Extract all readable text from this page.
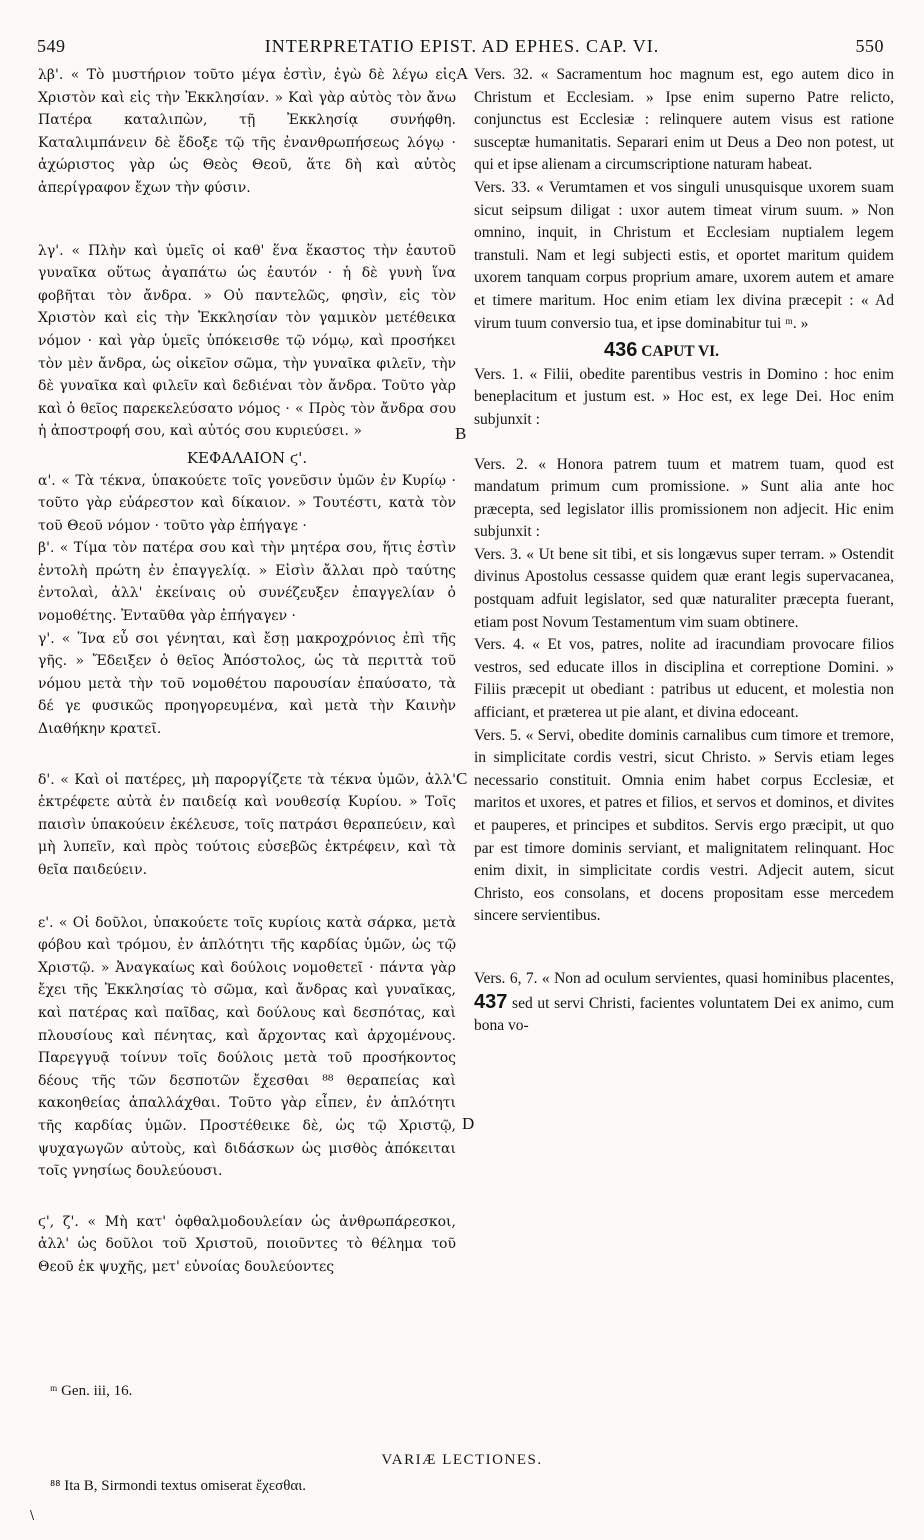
549	INTERPRETATIO EPIST. AD EPHES. CAP. VI.	550
A
B
C
D

λβ'. « Τὸ μυστήριον τοῦτο μέγα ἐστὶν, ἐγὼ δὲ λέγω εἰς Χριστὸν καὶ εἰς τὴν Ἐκκλησίαν. » Καὶ γὰρ αὐτὸς τὸν ἄνω Πατέρα καταλιπὼν, τῇ Ἐκκλησίᾳ συνήφθη. Καταλιμπάνειν δὲ ἔδοξε τῷ τῆς ἐνανθρωπήσεως λόγῳ · ἀχώριστος γὰρ ὡς Θεὸς Θεοῦ, ἅτε δὴ καὶ αὐτὸς ἀπερίγραφον ἔχων τὴν φύσιν.

λγ'. « Πλὴν καὶ ὑμεῖς οἱ καθ' ἕνα ἕκαστος τὴν ἑαυτοῦ γυναῖκα οὕτως ἀγαπάτω ὡς ἑαυτόν · ἡ δὲ γυνὴ ἵνα φοβῆται τὸν ἄνδρα. » Οὐ παντελῶς, φησὶν, εἰς τὸν Χριστὸν καὶ εἰς τὴν Ἐκκλησίαν τὸν γαμικὸν μετέθεικα νόμον · καὶ γὰρ ὑμεῖς ὑπόκεισθε τῷ νόμῳ, καὶ προσήκει τὸν μὲν ἄνδρα, ὡς οἰκεῖον σῶμα, τὴν γυναῖκα φιλεῖν, τὴν δὲ γυναῖκα καὶ φιλεῖν καὶ δεδιέναι τὸν ἄνδρα. Τοῦτο γὰρ καὶ ὁ θεῖος παρεκελεύσατο νόμος · « Πρὸς τὸν ἄνδρα σου ἡ ἀποστροφή σου, καὶ αὐτός σου κυριεύσει. »

ΚΕΦΑΛΑΙΟΝ ϛ'.

α'. « Τὰ τέκνα, ὑπακούετε τοῖς γονεῦσιν ὑμῶν ἐν Κυρίῳ · τοῦτο γὰρ εὐάρεστον καὶ δίκαιον. » Τουτέστι, κατὰ τὸν τοῦ Θεοῦ νόμον · τοῦτο γὰρ ἐπήγαγε ·

β'. « Τίμα τὸν πατέρα σου καὶ τὴν μητέρα σου, ἥτις ἐστὶν ἐντολὴ πρώτη ἐν ἐπαγγελίᾳ. » Εἰσὶν ἄλλαι πρὸ ταύτης ἐντολαὶ, ἀλλ' ἐκείναις οὐ συνέζευξεν ἐπαγγελίαν ὁ νομοθέτης. Ἐνταῦθα γὰρ ἐπήγαγεν ·

γ'. « Ἵνα εὖ σοι γένηται, καὶ ἔσῃ μακροχρόνιος ἐπὶ τῆς γῆς. » Ἔδειξεν ὁ θεῖος Ἀπόστολος, ὡς τὰ περιττὰ τοῦ νόμου μετὰ τὴν τοῦ νομοθέτου παρουσίαν ἐπαύσατο, τὰ δέ γε φυσικῶς προηγορευμένα, καὶ μετὰ τὴν Καινὴν Διαθήκην κρατεῖ.

δ'. « Καὶ οἱ πατέρες, μὴ παροργίζετε τὰ τέκνα ὑμῶν, ἀλλ' ἐκτρέφετε αὐτὰ ἐν παιδείᾳ καὶ νουθεσίᾳ Κυρίου. » Τοῖς παισὶν ὑπακούειν ἐκέλευσε, τοῖς πατράσι θεραπεύειν, καὶ μὴ λυπεῖν, καὶ πρὸς τούτοις εὐσεβῶς ἐκτρέφειν, καὶ τὰ θεῖα παιδεύειν.

ε'. « Οἱ δοῦλοι, ὑπακούετε τοῖς κυρίοις κατὰ σάρκα, μετὰ φόβου καὶ τρόμου, ἐν ἁπλότητι τῆς καρδίας ὑμῶν, ὡς τῷ Χριστῷ. » Ἀναγκαίως καὶ δούλοις νομοθετεῖ · πάντα γὰρ ἔχει τῆς Ἐκκλησίας τὸ σῶμα, καὶ ἄνδρας καὶ γυναῖκας, καὶ πατέρας καὶ παῖδας, καὶ δούλους καὶ δεσπότας, καὶ πλουσίους καὶ πένητας, καὶ ἄρχοντας καὶ ἀρχομένους. Παρεγγυᾷ τοίνυν τοῖς δούλοις μετὰ τοῦ προσήκοντος δέους τῆς τῶν δεσποτῶν ἔχεσθαι ⁸⁸ θεραπείας καὶ κακοηθείας ἀπαλλάχθαι. Τοῦτο γὰρ εἶπεν, ἐν ἁπλότητι τῆς καρδίας ὑμῶν. Προστέθεικε δὲ, ὡς τῷ Χριστῷ, ψυχαγωγῶν αὐτοὺς, καὶ διδάσκων ὡς μισθὸς ἀπόκειται τοῖς γνησίως δουλεύουσι.

ϛ', ζ'. « Μὴ κατ' ὀφθαλμοδουλείαν ὡς ἀνθρωπάρεσκοι, ἀλλ' ὡς δοῦλοι τοῦ Χριστοῦ, ποιοῦντες τὸ θέλημα τοῦ Θεοῦ ἐκ ψυχῆς, μετ' εὐνοίας δουλεύοντες

Vers. 32. « Sacramentum hoc magnum est, ego autem dico in Christum et Ecclesiam. » Ipse enim superno Patre relicto, conjunctus est Ecclesiæ : relinquere autem visus est ratione susceptæ humanitatis. Separari enim ut Deus a Deo non potest, ut qui et ipse alienam a circumscriptione naturam habeat.

Vers. 33. « Verumtamen et vos singuli unusquisque uxorem suam sicut seipsum diligat : uxor autem timeat virum suum. » Non omnino, inquit, in Christum et Ecclesiam nuptialem legem transtuli. Nam et legi subjecti estis, et oportet maritum quidem uxorem tanquam corpus proprium amare, uxorem autem et amare et timere maritum. Hoc enim etiam lex divina præcepit : « Ad virum tuum conversio tua, et ipse dominabitur tui ᵐ. »

436 CAPUT VI.

Vers. 1. « Filii, obedite parentibus vestris in Domino : hoc enim beneplacitum et justum est. » Hoc est, ex lege Dei. Hoc enim subjunxit :

Vers. 2. « Honora patrem tuum et matrem tuam, quod est mandatum primum cum promissione. » Sunt alia ante hoc præcepta, sed legislator illis promissionem non adjecit. Hic enim subjunxit :

Vers. 3. « Ut bene sit tibi, et sis longævus super terram. » Ostendit divinus Apostolus cessasse quidem quæ erant legis supervacanea, postquam adfuit legislator, sed quæ naturaliter præcepta fuerant, etiam post Novum Testamentum vim suam obtinere.

Vers. 4. « Et vos, patres, nolite ad iracundiam provocare filios vestros, sed educate illos in disciplina et correptione Domini. » Filiis præcepit ut obediant : patribus ut educent, et molestia non afficiant, et præterea ut pie alant, et divina edoceant.

Vers. 5. « Servi, obedite dominis carnalibus cum timore et tremore, in simplicitate cordis vestri, sicut Christo. » Servis etiam leges necessario constituit. Omnia enim habet corpus Ecclesiæ, et maritos et uxores, et patres et filios, et servos et dominos, et divites et pauperes, et principes et subditos. Servis ergo præcipit, ut quo par est timore dominis serviant, et malignitatem relinquant. Hoc enim dixit, in simplicitate cordis vestri. Adjecit autem, sicut Christo, eos consolans, et docens propositam esse mercedem sincere servientibus.

Vers. 6, 7. « Non ad oculum servientes, quasi hominibus placentes, 437 sed ut servi Christi, facientes voluntatem Dei ex animo, cum bona vo-

ᵐ Gen. iii, 16.
VARIÆ LECTIONES.
⁸⁸ Ita B, Sirmondi textus omiserat ἔχεσθαι.
\
